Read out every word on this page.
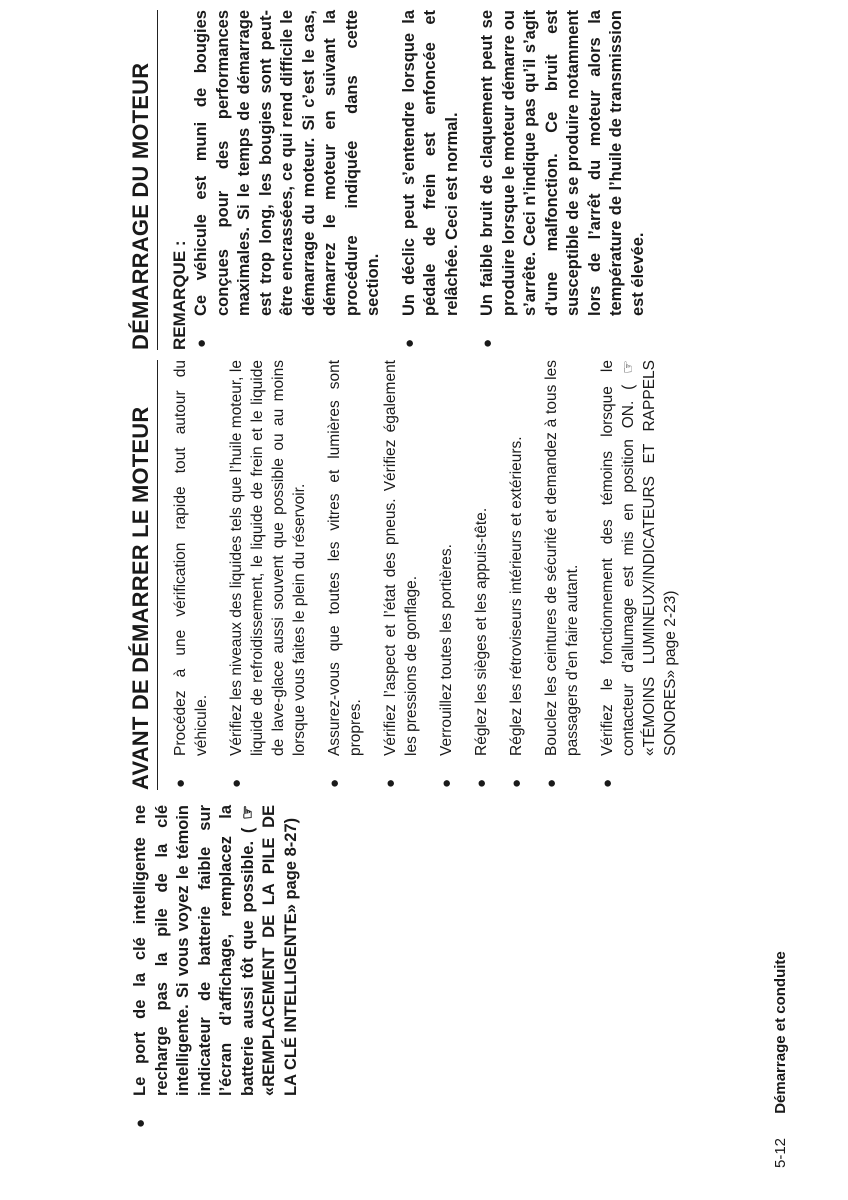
●
Le port de la clé intelligente ne recharge pas la pile de la clé intelligente. Si vous voyez le témoin indicateur de batterie faible sur l’écran d’affichage, remplacez la batterie aussi tôt que possible. ( ☞ «REMPLACEMENT DE LA PILE DE LA CLÉ INTELLIGENTE» page 8-27)
AVANT DE DÉMARRER LE MOTEUR	●
Procédez à une vérification rapide tout autour du véhicule.
●
Vérifiez les niveaux des liquides tels que l’huile moteur, le liquide de refroidissement, le liquide de frein et le liquide de lave-glace aussi souvent que possible ou au moins lorsque vous faites le plein du réservoir.
●
Assurez-vous que toutes les vitres et lumières sont propres.
●
Vérifiez l’aspect et l’état des pneus. Vérifiez également les pressions de gonflage.
●
Verrouillez toutes les portières.
●
Réglez les sièges et les appuis-tête.
●
Réglez les rétroviseurs intérieurs et extérieurs.
●
Bouclez les ceintures de sécurité et demandez à tous les passagers d’en faire autant.
●
Vérifiez le fonctionnement des témoins lorsque le contacteur d’allumage est mis en position ON. ( ☞ «TÉMOINS LUMINEUX/INDICATEURS ET RAPPELS SONORES» page 2-23)
DÉMARRAGE DU MOTEUR REMARQUE : ●
Ce véhicule est muni de bougies conçues pour des performances maximales. Si le temps de démarrage est trop long, les bougies sont peut-être encrassées, ce qui rend difficile le démarrage du moteur. Si c’est le cas, démarrez le moteur en suivant la procédure indiquée dans cette section.
●
Un déclic peut s’entendre lorsque la pédale de frein est enfoncée et relâchée. Ceci est normal.
●
Un faible bruit de claquement peut se produire lorsque le moteur démarre ou s’arrête. Ceci n’indique pas qu’il s’agit d’une malfonction. Ce bruit est susceptible de se produire notamment lors de l’arrêt du moteur alors la température de l’huile de transmission est élevée.
5-12 Démarrage et conduite
